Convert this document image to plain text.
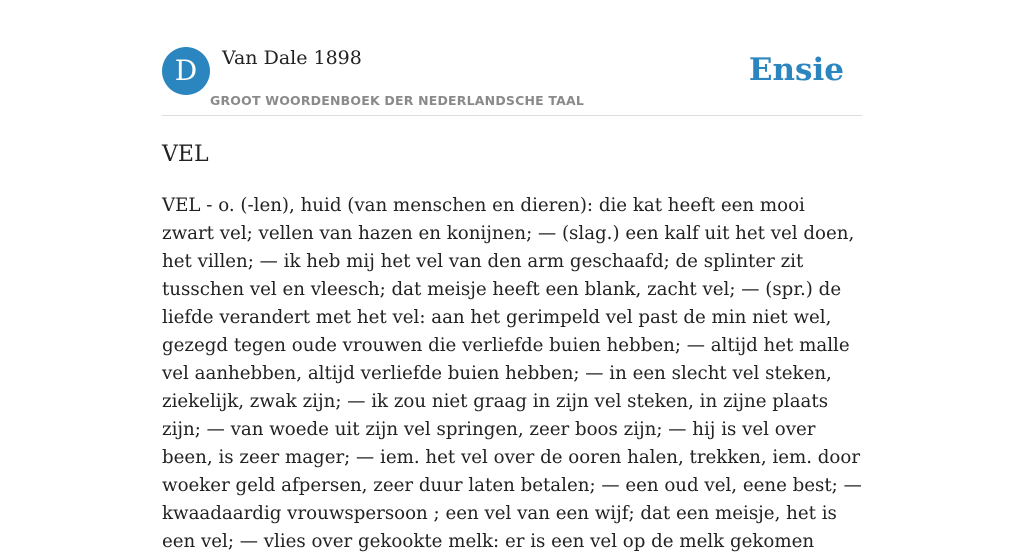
D	Van Dale 1898
GROOT WOORDENBOEK DER NEDERLANDSCHE TAAL
Ensie
VEL

VEL - o. (-len), huid (van menschen en dieren): die kat heeft een mooi zwart vel; vellen van hazen en konijnen; — (slag.) een kalf uit het vel doen, het villen; — ik heb mij het vel van den arm geschaafd; de splinter zit tusschen vel en vleesch; dat meisje heeft een blank, zacht vel; — (spr.) de liefde verandert met het vel: aan het gerimpeld vel past de min niet wel, gezegd tegen oude vrouwen die verliefde buien hebben; — altijd het malle vel aanhebben, altijd verliefde buien hebben; — in een slecht vel steken, ziekelijk, zwak zijn; — ik zou niet graag in zijn vel steken, in zijne plaats zijn; — van woede uit zijn vel springen, zeer boos zijn; — hij is vel over been, is zeer mager; — iem. het vel over de ooren halen, trekken, iem. door woeker geld afpersen, zeer duur laten betalen; — een oud vel, eene best; — kwaadaardig vrouwspersoon ; een vel van een wijf; dat een meisje, het is een vel; — vlies over gekookte melk: er is een vel op de melk gekomen
